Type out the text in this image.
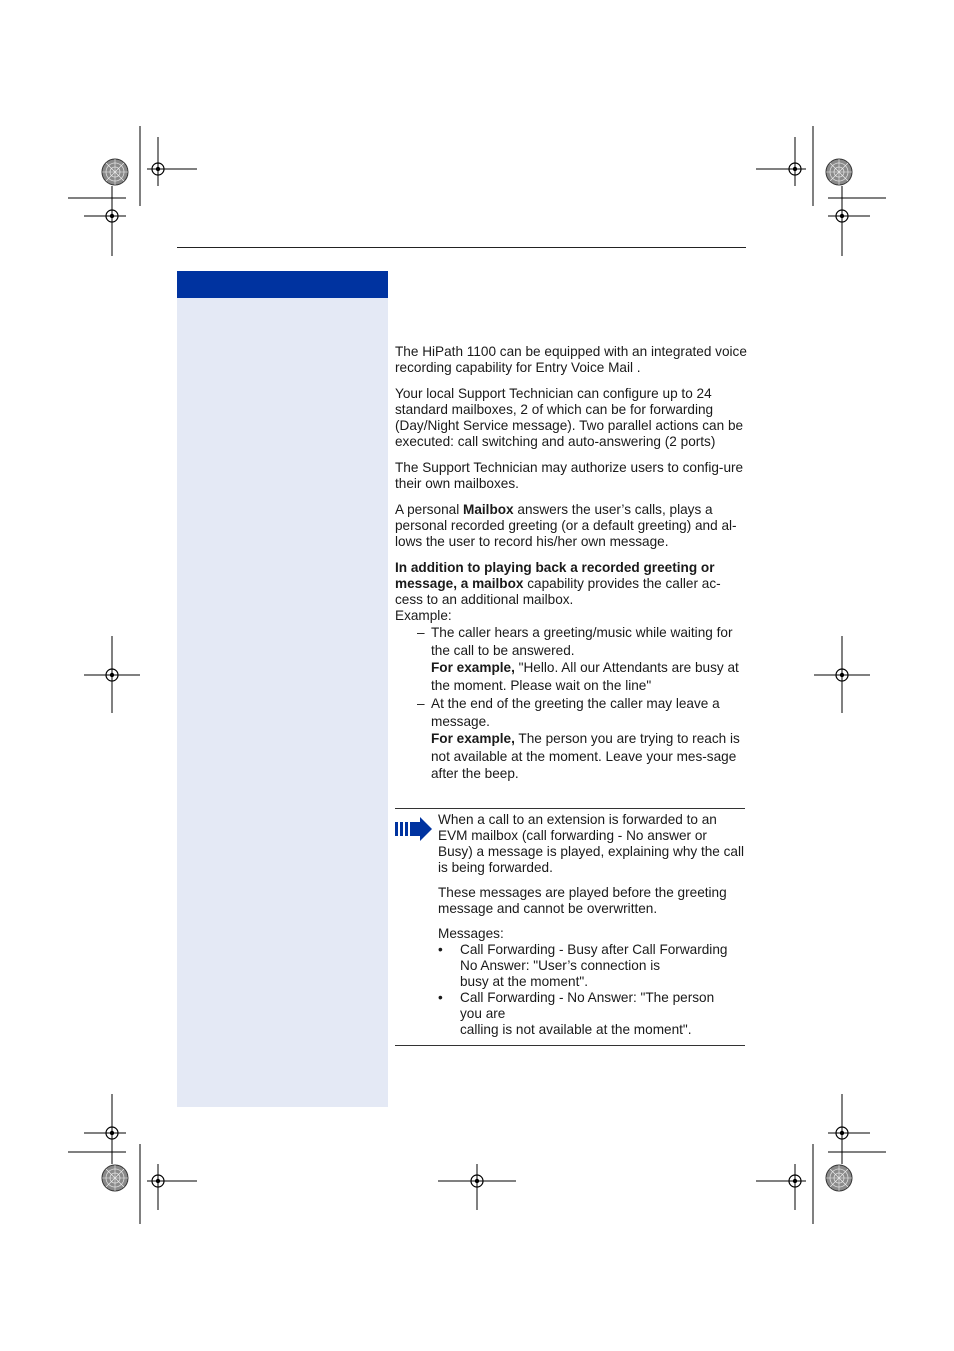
The HiPath 1100 can be equipped with an integrated voice recording capability for Entry Voice Mail .

Your local Support Technician can configure up to 24 standard mailboxes, 2 of which can be for forwarding (Day/Night Service message). Two parallel actions can be executed: call switching and auto-answering (2 ports)

The Support Technician may authorize users to config-ure their own mailboxes.

A personal Mailbox answers the user’s calls, plays a personal recorded greeting (or a default greeting) and al-lows the user to record his/her own message.

In addition to playing back a recorded greeting or message, a mailbox capability provides the caller ac-cess to an additional mailbox.

Example:
– The caller hears a greeting/music while waiting for the call to be answered.
For example, "Hello. All our Attendants are busy at the moment. Please wait on the line"
– At the end of the greeting the caller may leave a message.
For example, The person you are trying to reach is not available at the moment. Leave your mes-sage after the beep.

When a call to an extension is forwarded to an EVM mailbox (call forwarding - No answer or Busy) a message is played, explaining why the call is being forwarded.

These messages are played before the greeting message and cannot be overwritten.

Messages:
• Call Forwarding - Busy after Call Forwarding
No Answer: "User’s connection is
busy at the moment".
• Call Forwarding - No Answer: "The person
you are
calling is not available at the moment".
